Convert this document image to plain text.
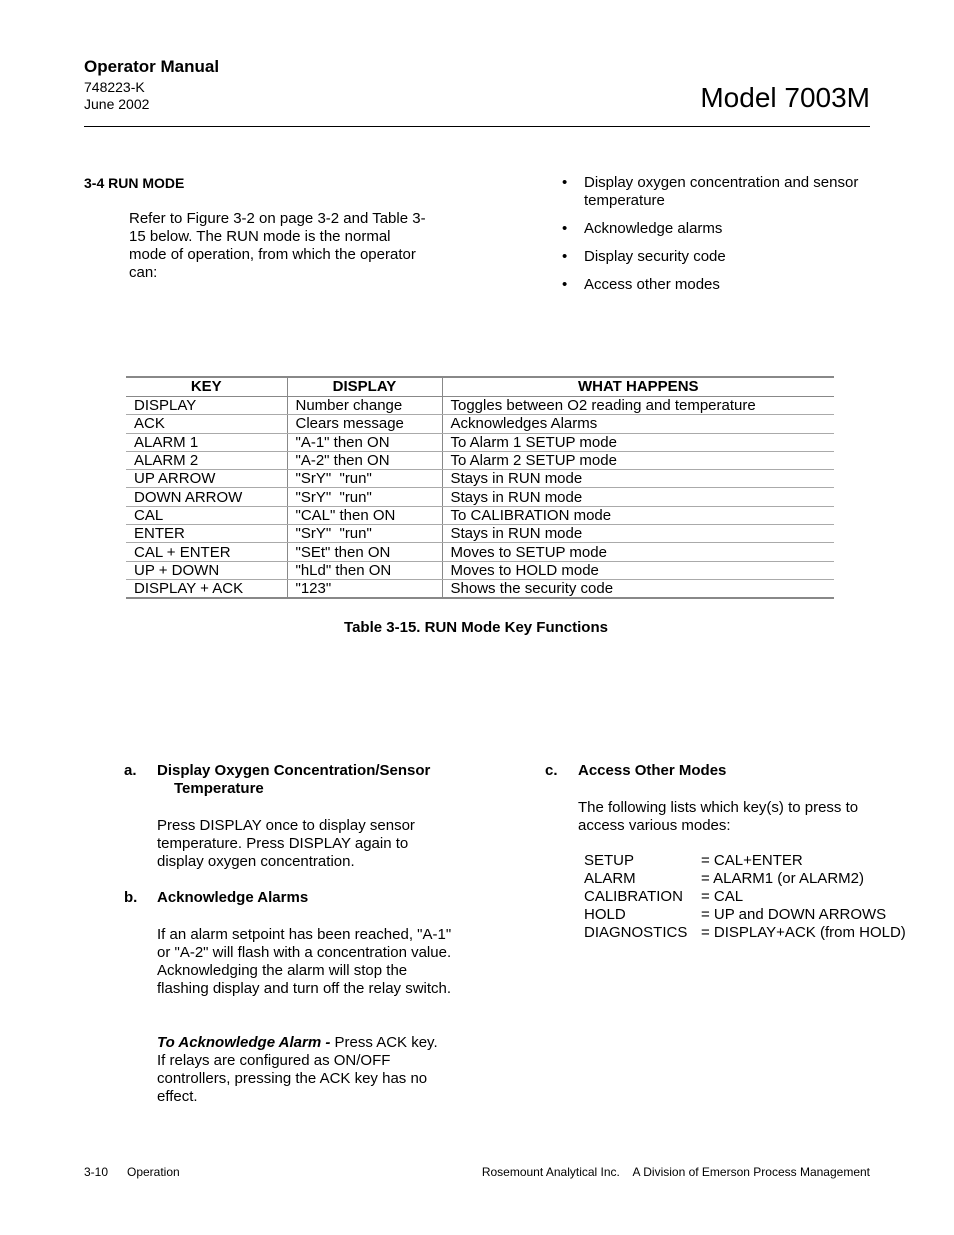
Operator Manual
748223-K
June 2002	Model 7003M
3-4 RUN MODE
Refer to Figure 3-2 on page 3-2 and Table 3-15 below. The RUN mode is the normal mode of operation, from which the operator can:
• Display oxygen concentration and sensor temperature
• Acknowledge alarms
• Display security code
• Access other modes
KEY	DISPLAY	WHAT HAPPENS
DISPLAY	Number change	Toggles between O2 reading and temperature
ACK	Clears message	Acknowledges Alarms
ALARM 1	"A-1" then ON	To Alarm 1 SETUP mode
ALARM 2	"A-2" then ON	To Alarm 2 SETUP mode
UP ARROW	"SrY"  "run"	Stays in RUN mode
DOWN ARROW	"SrY"  "run"	Stays in RUN mode
CAL	"CAL" then ON	To CALIBRATION mode
ENTER	"SrY"  "run"	Stays in RUN mode
CAL + ENTER	"SEt" then ON	Moves to SETUP mode
UP + DOWN	"hLd" then ON	Moves to HOLD mode
DISPLAY + ACK	"123"	Shows the security code
Table 3-15. RUN Mode Key Functions
a. Display Oxygen Concentration/Sensor Temperature
Press DISPLAY once to display sensor temperature. Press DISPLAY again to display oxygen concentration.
b. Acknowledge Alarms
If an alarm setpoint has been reached, "A-1" or "A-2" will flash with a concentration value. Acknowledging the alarm will stop the flashing display and turn off the relay switch.
To Acknowledge Alarm - Press ACK key. If relays are configured as ON/OFF controllers, pressing the ACK key has no effect.
c. Access Other Modes
The following lists which key(s) to press to access various modes:
SETUP	= CAL+ENTER
ALARM	= ALARM1 (or ALARM2)
CALIBRATION	= CAL
HOLD	= UP and DOWN ARROWS
DIAGNOSTICS	= DISPLAY+ACK (from HOLD)
3-10 Operation	Rosemount Analytical Inc.    A Division of Emerson Process Management
